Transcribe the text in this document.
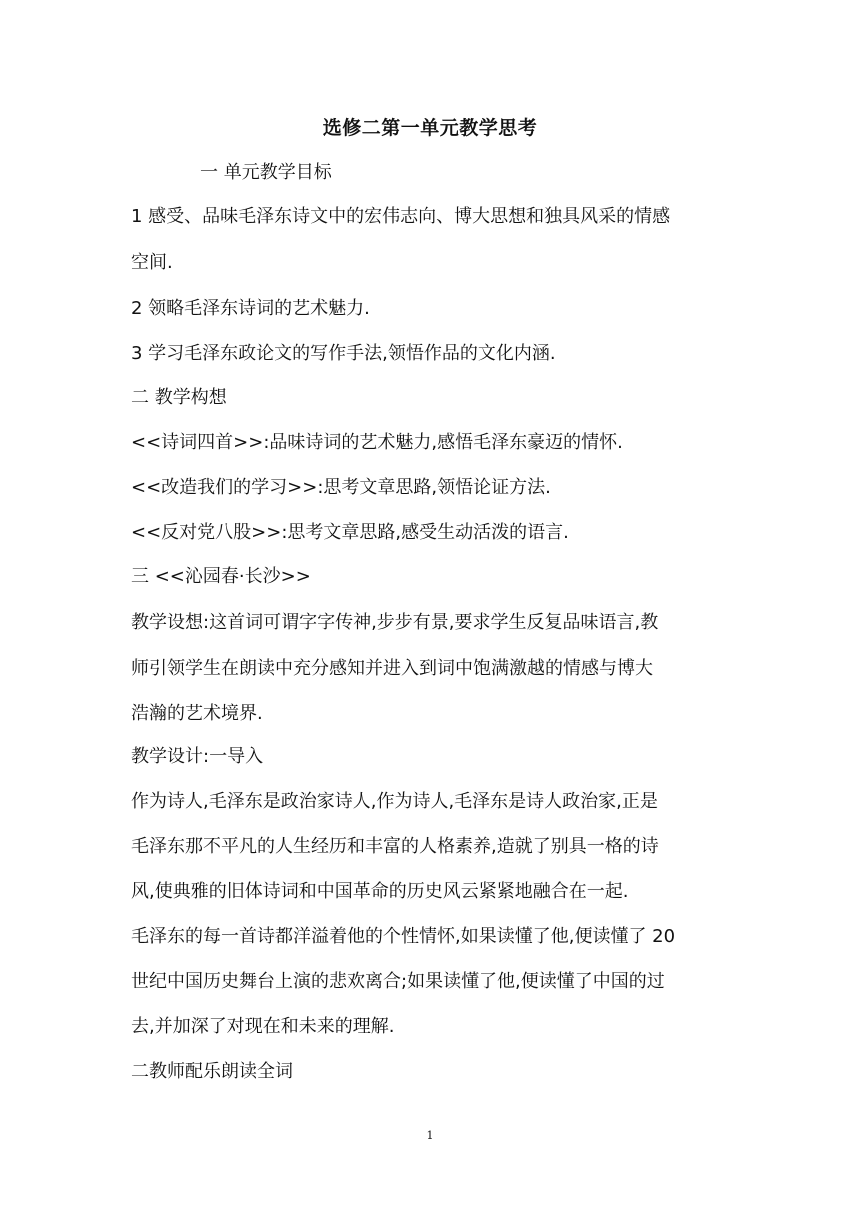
选修二第一单元教学思考
一 单元教学目标
1 感受、品味毛泽东诗文中的宏伟志向、博大思想和独具风采的情感
空间.
2 领略毛泽东诗词的艺术魅力.
3 学习毛泽东政论文的写作手法,领悟作品的文化内涵.
二 教学构想
<<诗词四首>>:品味诗词的艺术魅力,感悟毛泽东豪迈的情怀.
<<改造我们的学习>>:思考文章思路,领悟论证方法.
<<反对党八股>>:思考文章思路,感受生动活泼的语言.
三 <<沁园春·长沙>>
教学设想:这首词可谓字字传神,步步有景,要求学生反复品味语言,教
师引领学生在朗读中充分感知并进入到词中饱满激越的情感与博大
浩瀚的艺术境界.
教学设计:一导入
作为诗人,毛泽东是政治家诗人,作为诗人,毛泽东是诗人政治家,正是
毛泽东那不平凡的人生经历和丰富的人格素养,造就了别具一格的诗
风,使典雅的旧体诗词和中国革命的历史风云紧紧地融合在一起.
毛泽东的每一首诗都洋溢着他的个性情怀,如果读懂了他,便读懂了 20
世纪中国历史舞台上演的悲欢离合;如果读懂了他,便读懂了中国的过
去,并加深了对现在和未来的理解.
二教师配乐朗读全词
1
